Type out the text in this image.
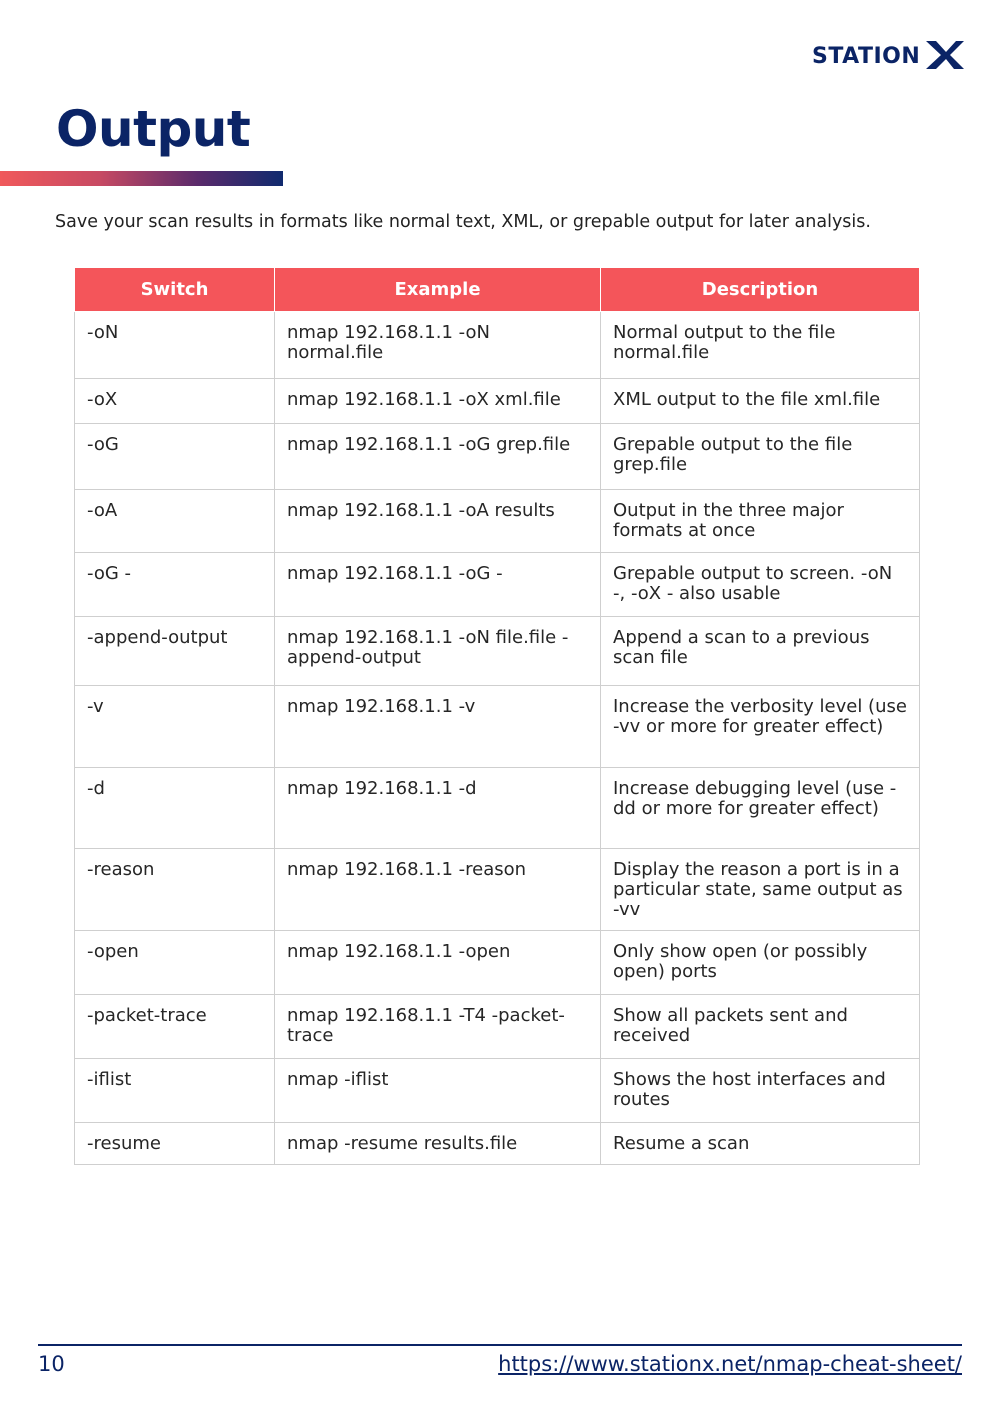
STATION
Output

Save your scan results in formats like normal text, XML, or grepable output for later analysis.

Switch	Example	Description
-oN	nmap 192.168.1.1 -oN normal.file	Normal output to the file normal.file
-oX	nmap 192.168.1.1 -oX xml.file	XML output to the file xml.file
-oG	nmap 192.168.1.1 -oG grep.file	Grepable output to the file grep.file
-oA	nmap 192.168.1.1 -oA results	Output in the three major formats at once
-oG -	nmap 192.168.1.1 -oG -	Grepable output to screen. -oN -, -oX - also usable
-append-output	nmap 192.168.1.1 -oN file.file -append-output	Append a scan to a previous scan file
-v	nmap 192.168.1.1 -v	Increase the verbosity level (use -vv or more for greater effect)
-d	nmap 192.168.1.1 -d	Increase debugging level (use -dd or more for greater effect)
-reason	nmap 192.168.1.1 -reason	Display the reason a port is in a particular state, same output as -vv
-open	nmap 192.168.1.1 -open	Only show open (or possibly open) ports
-packet-trace	nmap 192.168.1.1 -T4 -packet-trace	Show all packets sent and received
-iflist	nmap -iflist	Shows the host interfaces and routes
-resume	nmap -resume results.file	Resume a scan
10	https://www.stationx.net/nmap-cheat-sheet/
